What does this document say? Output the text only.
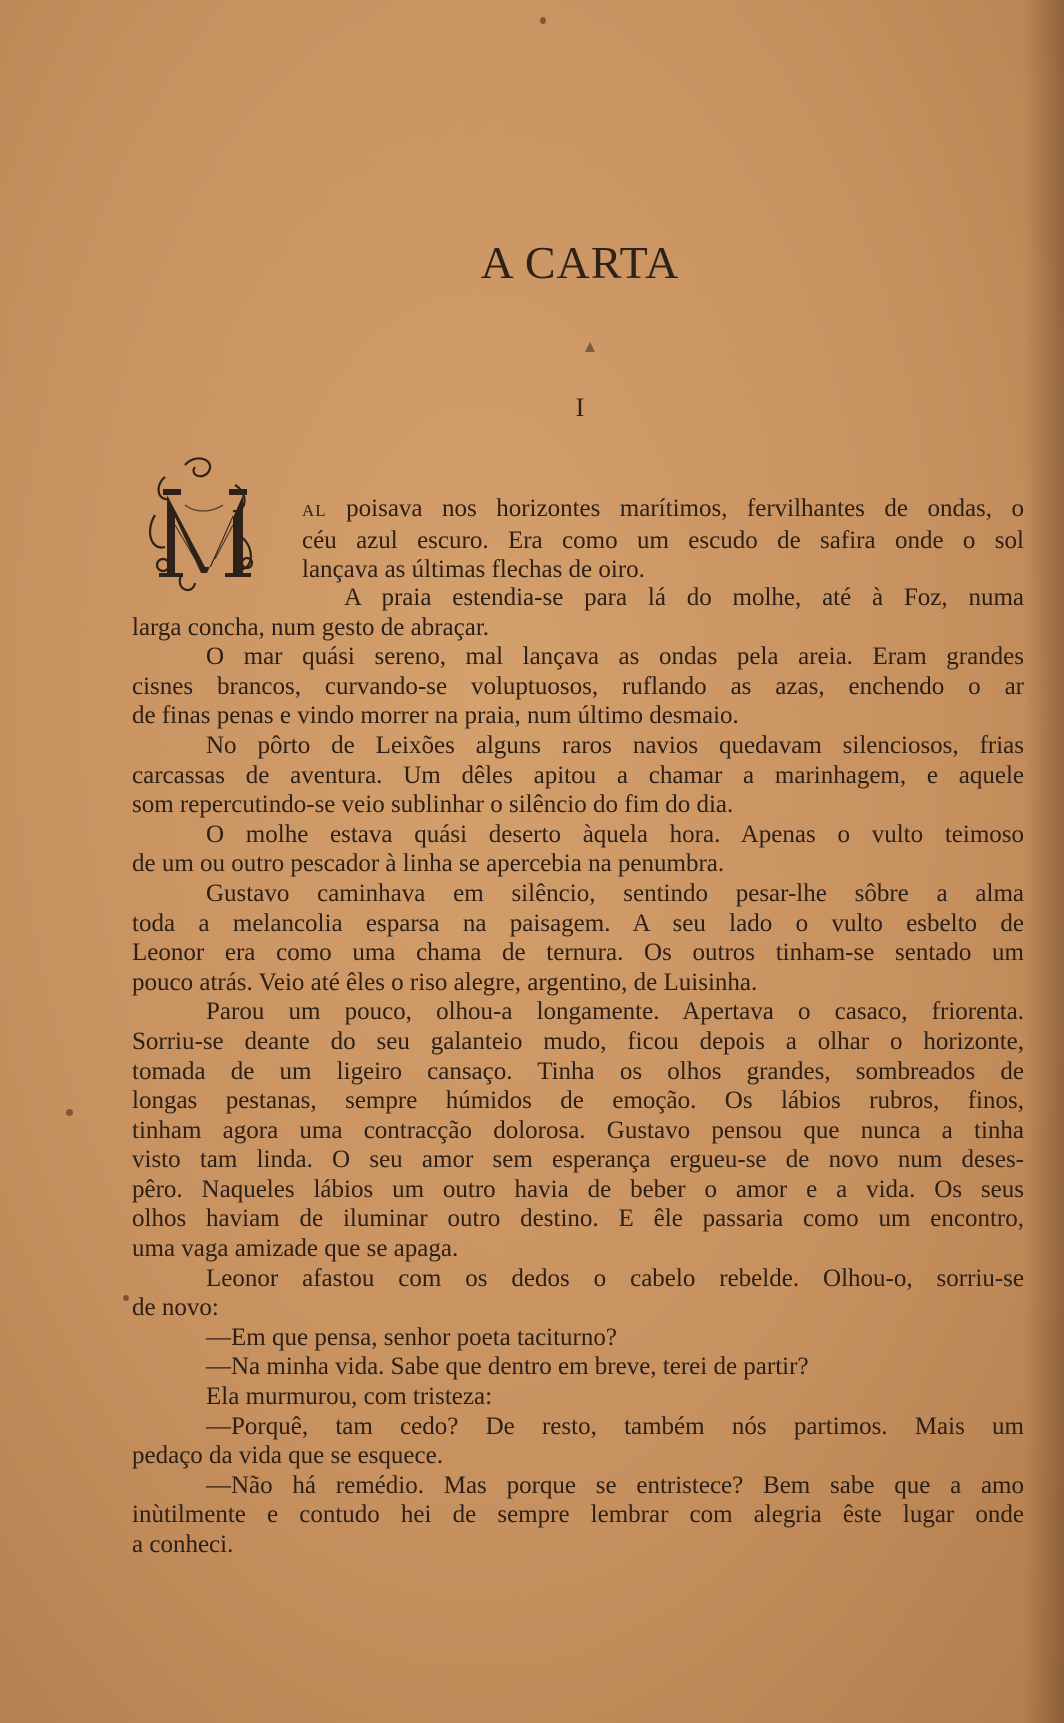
A CARTA
I

AL poisava nos horizontes marítimos, fervilhantes de ondas, o

céu azul escuro. Era como um escudo de safira onde o sol

lançava as últimas flechas de oiro.

A praia estendia-se para lá do molhe, até à Foz, numa

larga concha, num gesto de abraçar.

O mar quási sereno, mal lançava as ondas pela areia. Eram grandes

cisnes brancos, curvando-se voluptuosos, ruflando as azas, enchendo o ar

de finas penas e vindo morrer na praia, num último desmaio.

No pôrto de Leixões alguns raros navios quedavam silenciosos, frias

carcassas de aventura. Um dêles apitou a chamar a marinhagem, e aquele

som repercutindo-se veio sublinhar o silêncio do fim do dia.

O molhe estava quási deserto àquela hora. Apenas o vulto teimoso

de um ou outro pescador à linha se apercebia na penumbra.

Gustavo caminhava em silêncio, sentindo pesar-lhe sôbre a alma

toda a melancolia esparsa na paisagem. A seu lado o vulto esbelto de

Leonor era como uma chama de ternura. Os outros tinham-se sentado um

pouco atrás. Veio até êles o riso alegre, argentino, de Luisinha.

Parou um pouco, olhou-a longamente. Apertava o casaco, friorenta.

Sorriu-se deante do seu galanteio mudo, ficou depois a olhar o horizonte,

tomada de um ligeiro cansaço. Tinha os olhos grandes, sombreados de

longas pestanas, sempre húmidos de emoção. Os lábios rubros, finos,

tinham agora uma contracção dolorosa. Gustavo pensou que nunca a tinha

visto tam linda. O seu amor sem esperança ergueu-se de novo num deses-

pêro. Naqueles lábios um outro havia de beber o amor e a vida. Os seus

olhos haviam de iluminar outro destino. E êle passaria como um encontro,

uma vaga amizade que se apaga.

Leonor afastou com os dedos o cabelo rebelde. Olhou-o, sorriu-se

de novo:

—Em que pensa, senhor poeta taciturno?

—Na minha vida. Sabe que dentro em breve, terei de partir?

Ela murmurou, com tristeza:

—Porquê, tam cedo? De resto, também nós partimos. Mais um

pedaço da vida que se esquece.

—Não há remédio. Mas porque se entristece? Bem sabe que a amo

inùtilmente e contudo hei de sempre lembrar com alegria êste lugar onde

a conheci.
